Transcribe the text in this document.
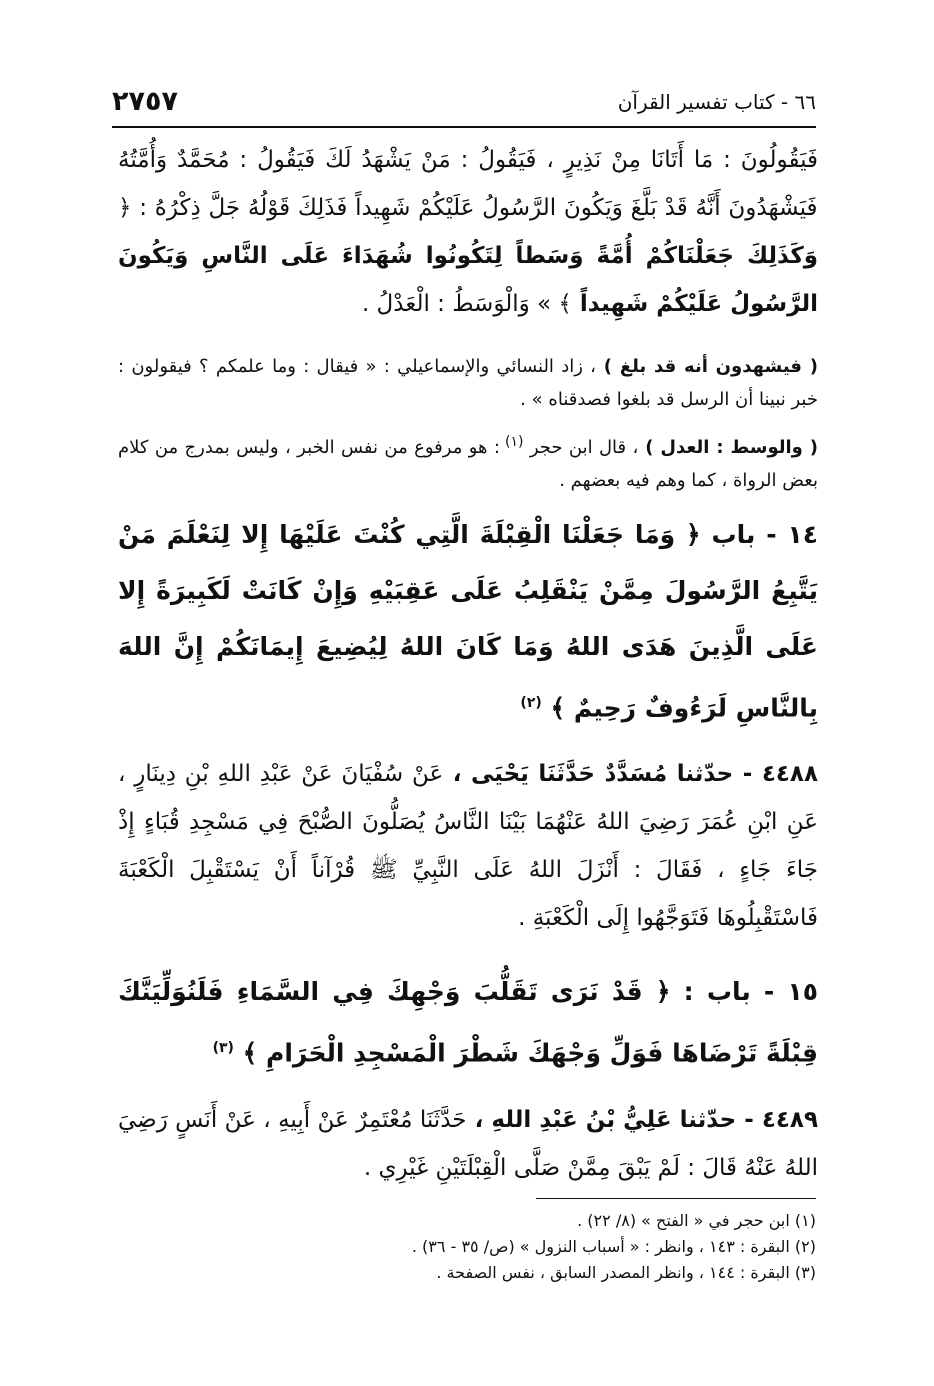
٢٧٥٧	٦٦ - كتاب تفسير القرآن

فَيَقُولُونَ : مَا أَتَانَا مِنْ نَذِيرٍ ، فَيَقُولُ : مَنْ يَشْهَدُ لَكَ فَيَقُولُ : مُحَمَّدٌ وَأُمَّتُهُ فَيَشْهَدُونَ أَنَّهُ قَدْ بَلَّغَ وَيَكُونَ الرَّسُولُ عَلَيْكُمْ شَهِيداً فَذَلِكَ قَوْلُهُ جَلَّ ذِكْرُهُ : ﴿ وَكَذَلِكَ جَعَلْنَاكُمْ أُمَّةً وَسَطاً لِتَكُونُوا شُهَدَاءَ عَلَى النَّاسِ وَيَكُونَ الرَّسُولُ عَلَيْكُمْ شَهِيداً ﴾ » وَالْوَسَطُ : الْعَدْلُ .

( فيشهدون أنه قد بلغ ) ، زاد النسائي والإسماعيلي : « فيقال : وما علمكم ؟ فيقولون : خبر نبينا أن الرسل قد بلغوا فصدقناه » .

( والوسط : العدل ) ، قال ابن حجر $^{(١)}$ : هو مرفوع من نفس الخبر ، وليس بمدرج من كلام بعض الرواة ، كما وهم فيه بعضهم .

١٤ - باب ﴿ وَمَا جَعَلْنَا الْقِبْلَةَ الَّتِي كُنْتَ عَلَيْهَا إِلا لِنَعْلَمَ مَنْ يَتَّبِعُ الرَّسُولَ مِمَّنْ يَنْقَلِبُ عَلَى عَقِبَيْهِ وَإِنْ كَانَتْ لَكَبِيرَةً إِلا عَلَى الَّذِينَ هَدَى اللهُ وَمَا كَانَ اللهُ لِيُضِيعَ إِيمَانَكُمْ إِنَّ اللهَ بِالنَّاسِ لَرَءُوفٌ رَحِيمٌ ﴾ $^{(٢)}$

٤٤٨٨ - حدّثنا مُسَدَّدٌ حَدَّثَنَا يَحْيَى ، عَنْ سُفْيَانَ عَنْ عَبْدِ اللهِ بْنِ دِينَارٍ ، عَنِ ابْنِ عُمَرَ رَضِيَ اللهُ عَنْهُمَا بَيْنَا النَّاسُ يُصَلُّونَ الصُّبْحَ فِي مَسْجِدِ قُبَاءٍ إِذْ جَاءَ جَاءٍ ، فَقَالَ : أَنْزَلَ اللهُ عَلَى النَّبِيِّ ﷺ قُرْآناً أَنْ يَسْتَقْبِلَ الْكَعْبَةَ فَاسْتَقْبِلُوهَا فَتَوَجَّهُوا إِلَى الْكَعْبَةِ .

١٥ - باب : ﴿ قَدْ نَرَى تَقَلُّبَ وَجْهِكَ فِي السَّمَاءِ فَلَنُوَلِّيَنَّكَ قِبْلَةً تَرْضَاهَا فَوَلِّ وَجْهَكَ شَطْرَ الْمَسْجِدِ الْحَرَامِ ﴾ $^{(٣)}$

٤٤٨٩ - حدّثنا عَلِيُّ بْنُ عَبْدِ اللهِ ، حَدَّثَنَا مُعْتَمِرٌ عَنْ أَبِيهِ ، عَنْ أَنَسٍ رَضِيَ اللهُ عَنْهُ قَالَ : لَمْ يَبْقَ مِمَّنْ صَلَّى الْقِبْلَتَيْنِ غَيْرِي .

(١) ابن حجر في « الفتح » (٨/ ٢٢) .

(٢) البقرة : ١٤٣ ، وانظر : « أسباب النزول » (ص/ ٣٥ - ٣٦) .

(٣) البقرة : ١٤٤ ، وانظر المصدر السابق ، نفس الصفحة .
